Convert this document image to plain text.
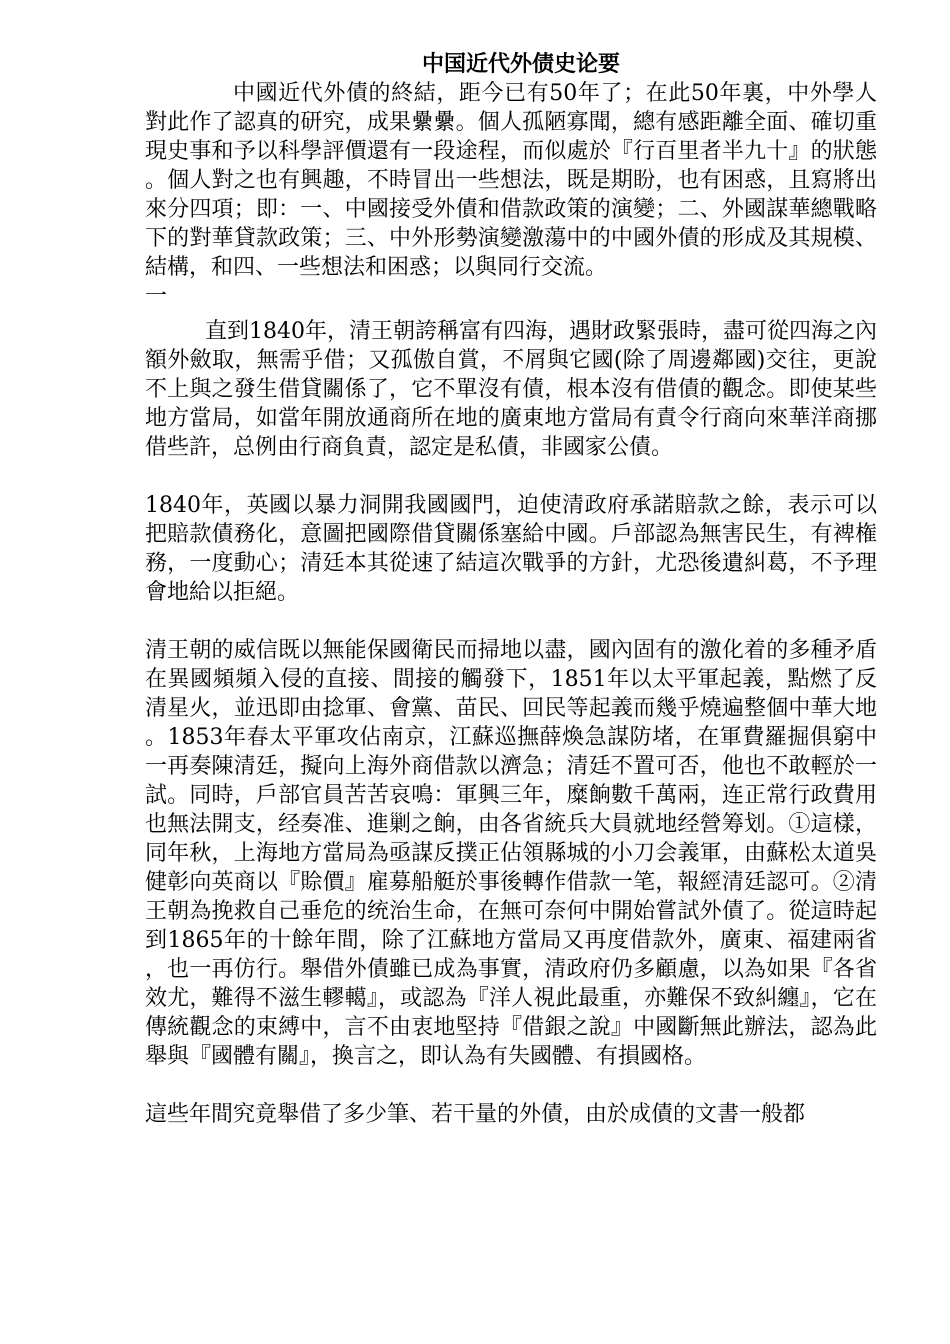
中国近代外债史论要

中國近代外債的終結，距今已有50年了；在此50年裏，中外學人對此作了認真的研究，成果纍纍。個人孤陋寡聞，總有感距離全面、確切重現史事和予以科學評價還有一段途程，而似處於『行百里者半九十』的狀態。個人對之也有興趣，不時冒出一些想法，既是期盼，也有困惑，且寫將出來分四項；即：一、中國接受外債和借款政策的演變；二、外國謀華總戰略下的對華貸款政策；三、中外形勢演變激蕩中的中國外債的形成及其規模、結構，和四、一些想法和困惑；以與同行交流。

一

直到1840年，清王朝誇稱富有四海，遇財政緊張時，盡可從四海之內額外斂取，無需乎借；又孤傲自賞，不屑與它國(除了周邊鄰國)交往，更說不上與之發生借貸關係了，它不單沒有債，根本沒有借債的觀念。即使某些地方當局，如當年開放通商所在地的廣東地方當局有責令行商向來華洋商挪借些許，总例由行商負責，認定是私債，非國家公債。

1840年，英國以暴力洞開我國國門，迫使清政府承諾賠款之餘，表示可以把賠款債務化，意圖把國際借貸關係塞給中國。戶部認為無害民生，有裨権務，一度動心；清廷本其從速了結這次戰爭的方針，尤恐後遺糾葛，不予理會地給以拒絕。

清王朝的威信既以無能保國衛民而掃地以盡，國內固有的激化着的多種矛盾在異國頻頻入侵的直接、間接的觸發下，1851年以太平軍起義，點燃了反清星火，並迅即由捻軍、會黨、苗民、回民等起義而幾乎燒遍整個中華大地。1853年春太平軍攻佔南京，江蘇巡撫薛煥急謀防堵，在軍費羅掘俱窮中一再奏陳清廷，擬向上海外商借款以濟急；清廷不置可否，他也不敢輕於一試。同時，戶部官員苦苦哀鳴：軍興三年，糜餉數千萬兩，连正常行政費用也無法開支，经奏准、進剿之餉，由各省統兵大員就地经營筹划。①這樣，同年秋，上海地方當局為亟謀反撲正佔領縣城的小刀会義軍，由蘇松太道吳健彰向英商以『賒價』雇募船艇於事後轉作借款一笔，報經清廷認可。②清王朝為挽救自己垂危的统治生命，在無可奈何中開始嘗試外債了。從這時起到1865年的十餘年間，除了江蘇地方當局又再度借款外，廣東、福建兩省，也一再仿行。舉借外債雖已成為事實，清政府仍多顧慮，以為如果『各省效尤，難得不滋生轇轕』，或認為『洋人視此最重，亦難保不致糾纏』，它在傳統觀念的束縛中，言不由衷地堅持『借銀之說』中國斷無此辦法，認為此舉與『國體有關』，換言之，即认為有失國體、有損國格。

這些年間究竟舉借了多少筆、若干量的外債，由於成債的文書一般都
